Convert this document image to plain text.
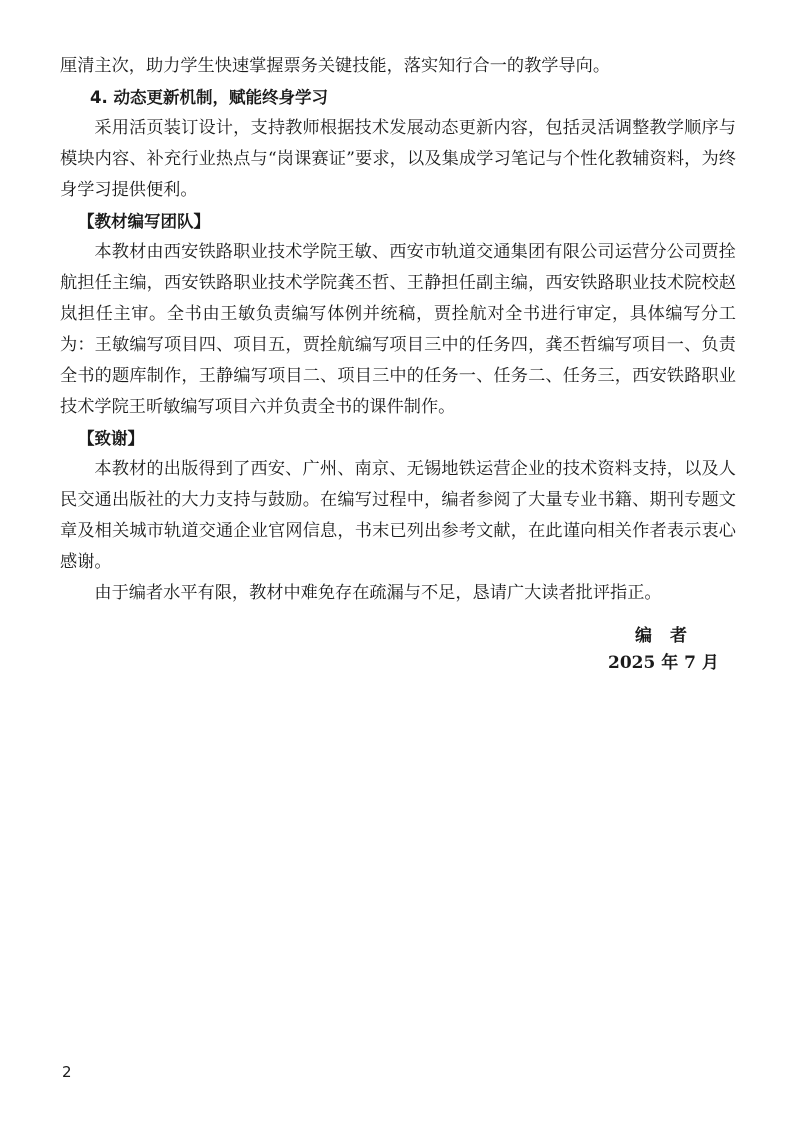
厘清主次，助力学生快速掌握票务关键技能，落实知行合一的教学导向。

4. 动态更新机制，赋能终身学习

采用活页装订设计，支持教师根据技术发展动态更新内容，包括灵活调整教学顺序与模块内容、补充行业热点与“岗课赛证”要求，以及集成学习笔记与个性化教辅资料，为终身学习提供便利。

【教材编写团队】

本教材由西安铁路职业技术学院王敏、西安市轨道交通集团有限公司运营分公司贾拴航担任主编，西安铁路职业技术学院龚丕哲、王静担任副主编，西安铁路职业技术院校赵岚担任主审。全书由王敏负责编写体例并统稿，贾拴航对全书进行审定，具体编写分工为：王敏编写项目四、项目五，贾拴航编写项目三中的任务四，龚丕哲编写项目一、负责全书的题库制作，王静编写项目二、项目三中的任务一、任务二、任务三，西安铁路职业技术学院王昕敏编写项目六并负责全书的课件制作。

【致谢】

本教材的出版得到了西安、广州、南京、无锡地铁运营企业的技术资料支持，以及人民交通出版社的大力支持与鼓励。在编写过程中，编者参阅了大量专业书籍、期刊专题文章及相关城市轨道交通企业官网信息，书末已列出参考文献，在此谨向相关作者表示衷心感谢。

由于编者水平有限，教材中难免存在疏漏与不足，恳请广大读者批评指正。

编者
2025 年 7 月
2
